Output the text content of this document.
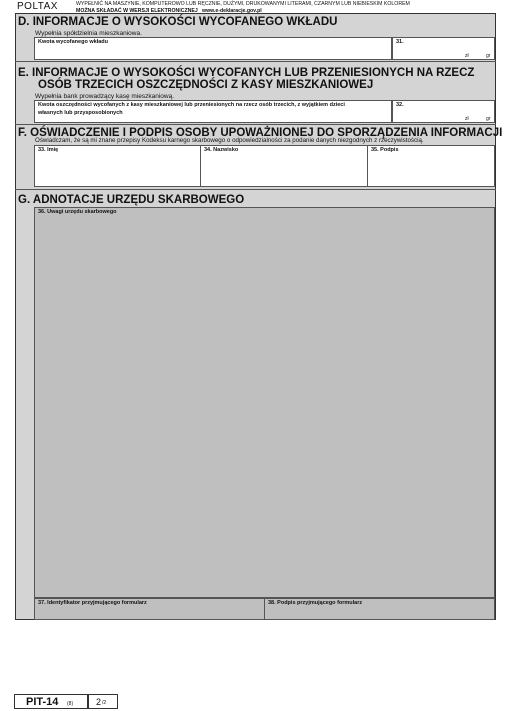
POLTAX	WYPEŁNIĆ NA MASZYNIE, KOMPUTEROWO LUB RĘCZNIE, DUŻYMI, DRUKOWANYMI LITERAMI, CZARNYM LUB NIEBIESKIM KOLOREM
MOŻNA SKŁADAĆ W WERSJI ELEKTRONICZNEJ www.e-deklaracje.gov.pl
D. INFORMACJE O WYSOKOŚCI WYCOFANEGO WKŁADU
Wypełnia spółdzielnia mieszkaniowa.
Kwota wycofanego wkładu	31.
zł	gr
E. INFORMACJE O WYSOKOŚCI WYCOFANYCH LUB PRZENIESIONYCH NA RZECZ
OSÓB TRZECICH OSZCZĘDNOŚCI Z KASY MIESZKANIOWEJ
Wypełnia bank prowadzący kasę mieszkaniową.
Kwota oszczędności wycofanych z kasy mieszkaniowej lub przeniesionych na rzecz osób trzecich, z wyjątkiem dzieci
własnych lub przysposobionych
32.
zł	gr
F. OŚWIADCZENIE I PODPIS OSOBY UPOWAŻNIONEJ DO SPORZĄDZENIA INFORMACJI
Oświadczam, że są mi znane przepisy Kodeksu karnego skarbowego o odpowiedzialności za podanie danych niezgodnych z rzeczywistością.
33. Imię	34. Nazwisko	35. Podpis
G. ADNOTACJE URZĘDU SKARBOWEGO
36. Uwagi urzędu skarbowego
37. Identyfikator przyjmującego formularz	38. Podpis przyjmującego formularz
PIT-14 (8)	2 /2
